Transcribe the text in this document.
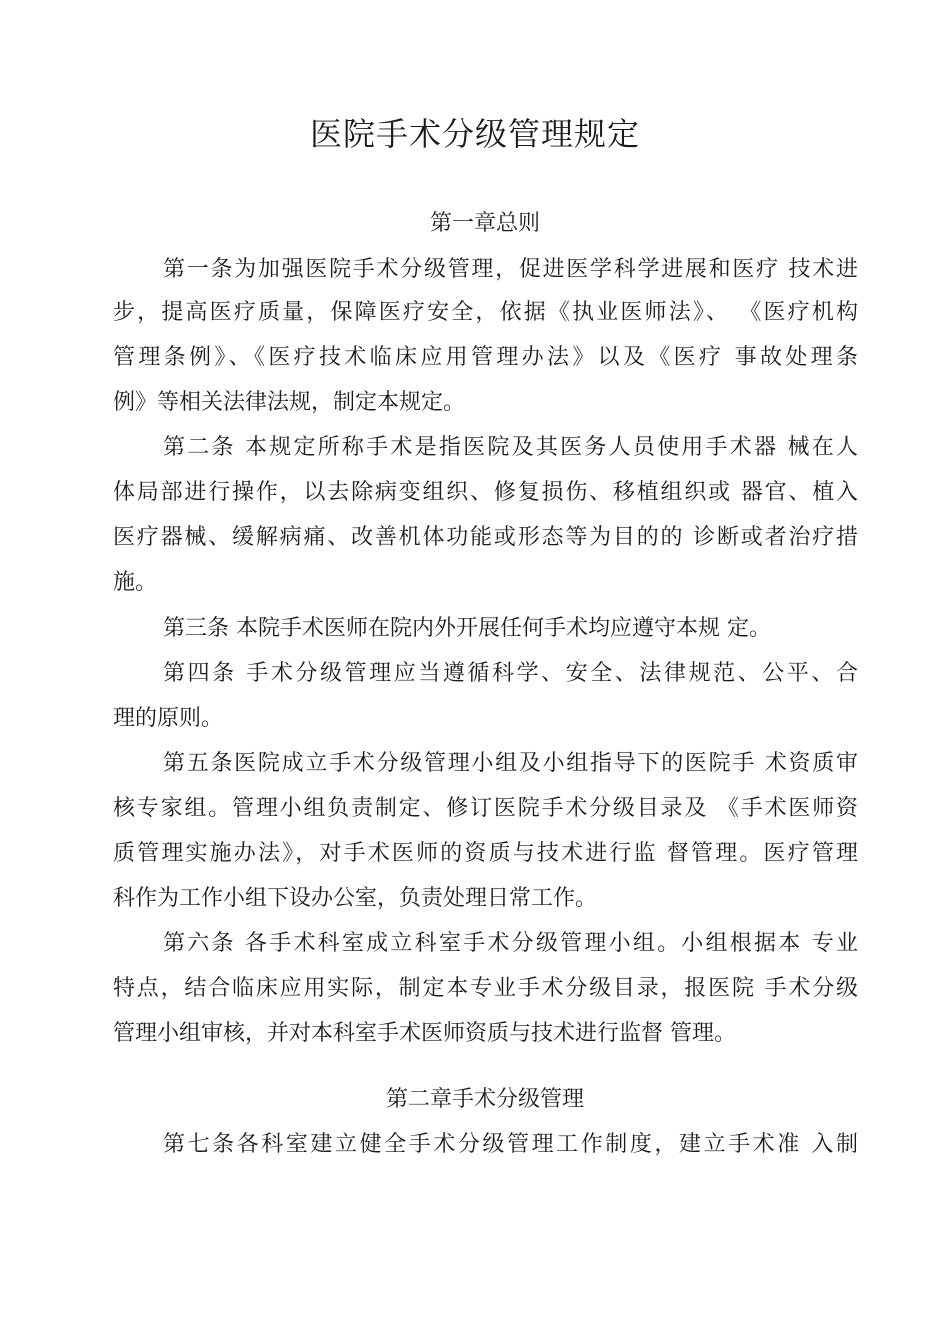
医院手术分级管理规定
第一章总则

第一条为加强医院手术分级管理，促进医学科学进展和医疗 技术进

步，提高医疗质量，保障医疗安全，依据《执业医师法》、 《医疗机构

管理条例》、《医疗技术临床应用管理办法》以及《医疗 事故处理条

例》等相关法律法规，制定本规定。

第二条 本规定所称手术是指医院及其医务人员使用手术器 械在人

体局部进行操作，以去除病变组织、修复损伤、移植组织或 器官、植入

医疗器械、缓解病痛、改善机体功能或形态等为目的的 诊断或者治疗措

施。

第三条 本院手术医师在院内外开展任何手术均应遵守本规 定。

第四条 手术分级管理应当遵循科学、安全、法律规范、公平、合

理的原则。

第五条医院成立手术分级管理小组及小组指导下的医院手 术资质审

核专家组。管理小组负责制定、修订医院手术分级目录及 《手术医师资

质管理实施办法》，对手术医师的资质与技术进行监 督管理。医疗管理

科作为工作小组下设办公室，负责处理日常工作。

第六条 各手术科室成立科室手术分级管理小组。小组根据本 专业

特点，结合临床应用实际，制定本专业手术分级目录，报医院 手术分级

管理小组审核，并对本科室手术医师资质与技术进行监督 管理。

第二章手术分级管理

第七条各科室建立健全手术分级管理工作制度，建立手术准 入制
